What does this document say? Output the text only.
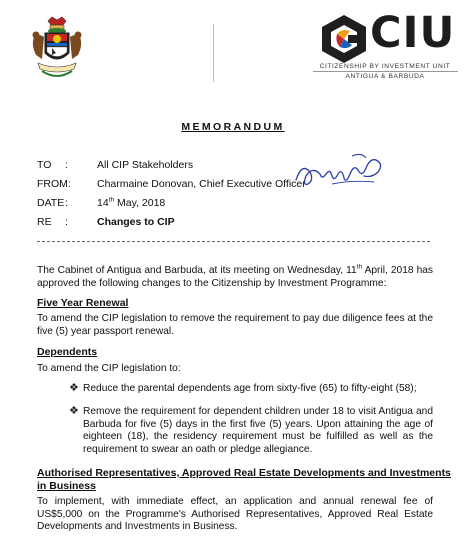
CIU
CITIZENSHIP BY INVESTMENT UNIT
ANTIGUA & BARBUDA
MEMORANDUM
TO	:	All CIP Stakeholders
FROM:	Charmaine Donovan, Chief Executive Officer
DATE :	14th May, 2018
RE	:	Changes to CIP
The Cabinet of Antigua and Barbuda, at its meeting on Wednesday, 11th April, 2018 has approved the following changes to the Citizenship by Investment Programme:
Five Year Renewal
To amend the CIP legislation to remove the requirement to pay due diligence fees at the five (5) year passport renewal.
Dependents
To amend the CIP legislation to:
❖ Reduce the parental dependents age from sixty-five (65) to fifty-eight (58);
❖ Remove the requirement for dependent children under 18 to visit Antigua and Barbuda for five (5) days in the first five (5) years. Upon attaining the age of eighteen (18), the residency requirement must be fulfilled as well as the requirement to swear an oath or pledge allegiance.
Authorised Representatives, Approved Real Estate Developments and Investments
in Business
To implement, with immediate effect, an application and annual renewal fee of US$5,000 on the Programme's Authorised Representatives, Approved Real Estate Developments and Investments in Business.
